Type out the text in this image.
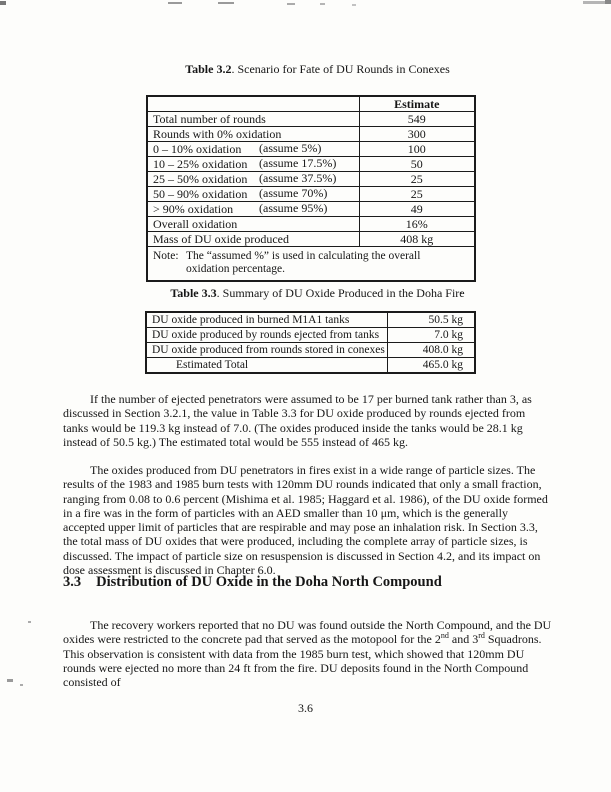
Table 3.2. Scenario for Fate of DU Rounds in Conexes
	Estimate
Total number of rounds	549
Rounds with 0% oxidation	300
0 – 10% oxidation (assume 5%)	100
10 – 25% oxidation (assume 17.5%)	50
25 – 50% oxidation (assume 37.5%)	25
50 – 90% oxidation (assume 70%)	25
> 90% oxidation (assume 95%)	49
Overall oxidation	16%
Mass of DU oxide produced	408 kg

Note: The “assumed %” is used in calculating the overall oxidation percentage.	
Table 3.3. Summary of DU Oxide Produced in the Doha Fire
DU oxide produced in burned M1A1 tanks	50.5 kg
DU oxide produced by rounds ejected from tanks	7.0 kg
DU oxide produced from rounds stored in conexes	408.0 kg
Estimated Total	465.0 kg

If the number of ejected penetrators were assumed to be 17 per burned tank rather than 3, as discussed in Section 3.2.1, the value in Table 3.3 for DU oxide produced by rounds ejected from tanks would be 119.3 kg instead of 7.0. (The oxides produced inside the tanks would be 28.1 kg instead of 50.5 kg.) The estimated total would be 555 instead of 465 kg.

The oxides produced from DU penetrators in fires exist in a wide range of particle sizes. The results of the 1983 and 1985 burn tests with 120mm DU rounds indicated that only a small fraction, ranging from 0.08 to 0.6 percent (Mishima et al. 1985; Haggard et al. 1986), of the DU oxide formed in a fire was in the form of particles with an AED smaller than 10 μm, which is the generally accepted upper limit of particles that are respirable and may pose an inhalation risk. In Section 3.3, the total mass of DU oxides that were produced, including the complete array of particle sizes, is discussed. The impact of particle size on resuspension is discussed in Section 4.2, and its impact on dose assessment is discussed in Chapter 6.0.

3.3 Distribution of DU Oxide in the Doha North Compound

The recovery workers reported that no DU was found outside the North Compound, and the DU oxides were restricted to the concrete pad that served as the motopool for the 2nd and 3rd Squadrons. This observation is consistent with data from the 1985 burn test, which showed that 120mm DU rounds were ejected no more than 24 ft from the fire. DU deposits found in the North Compound consisted of

3.6
